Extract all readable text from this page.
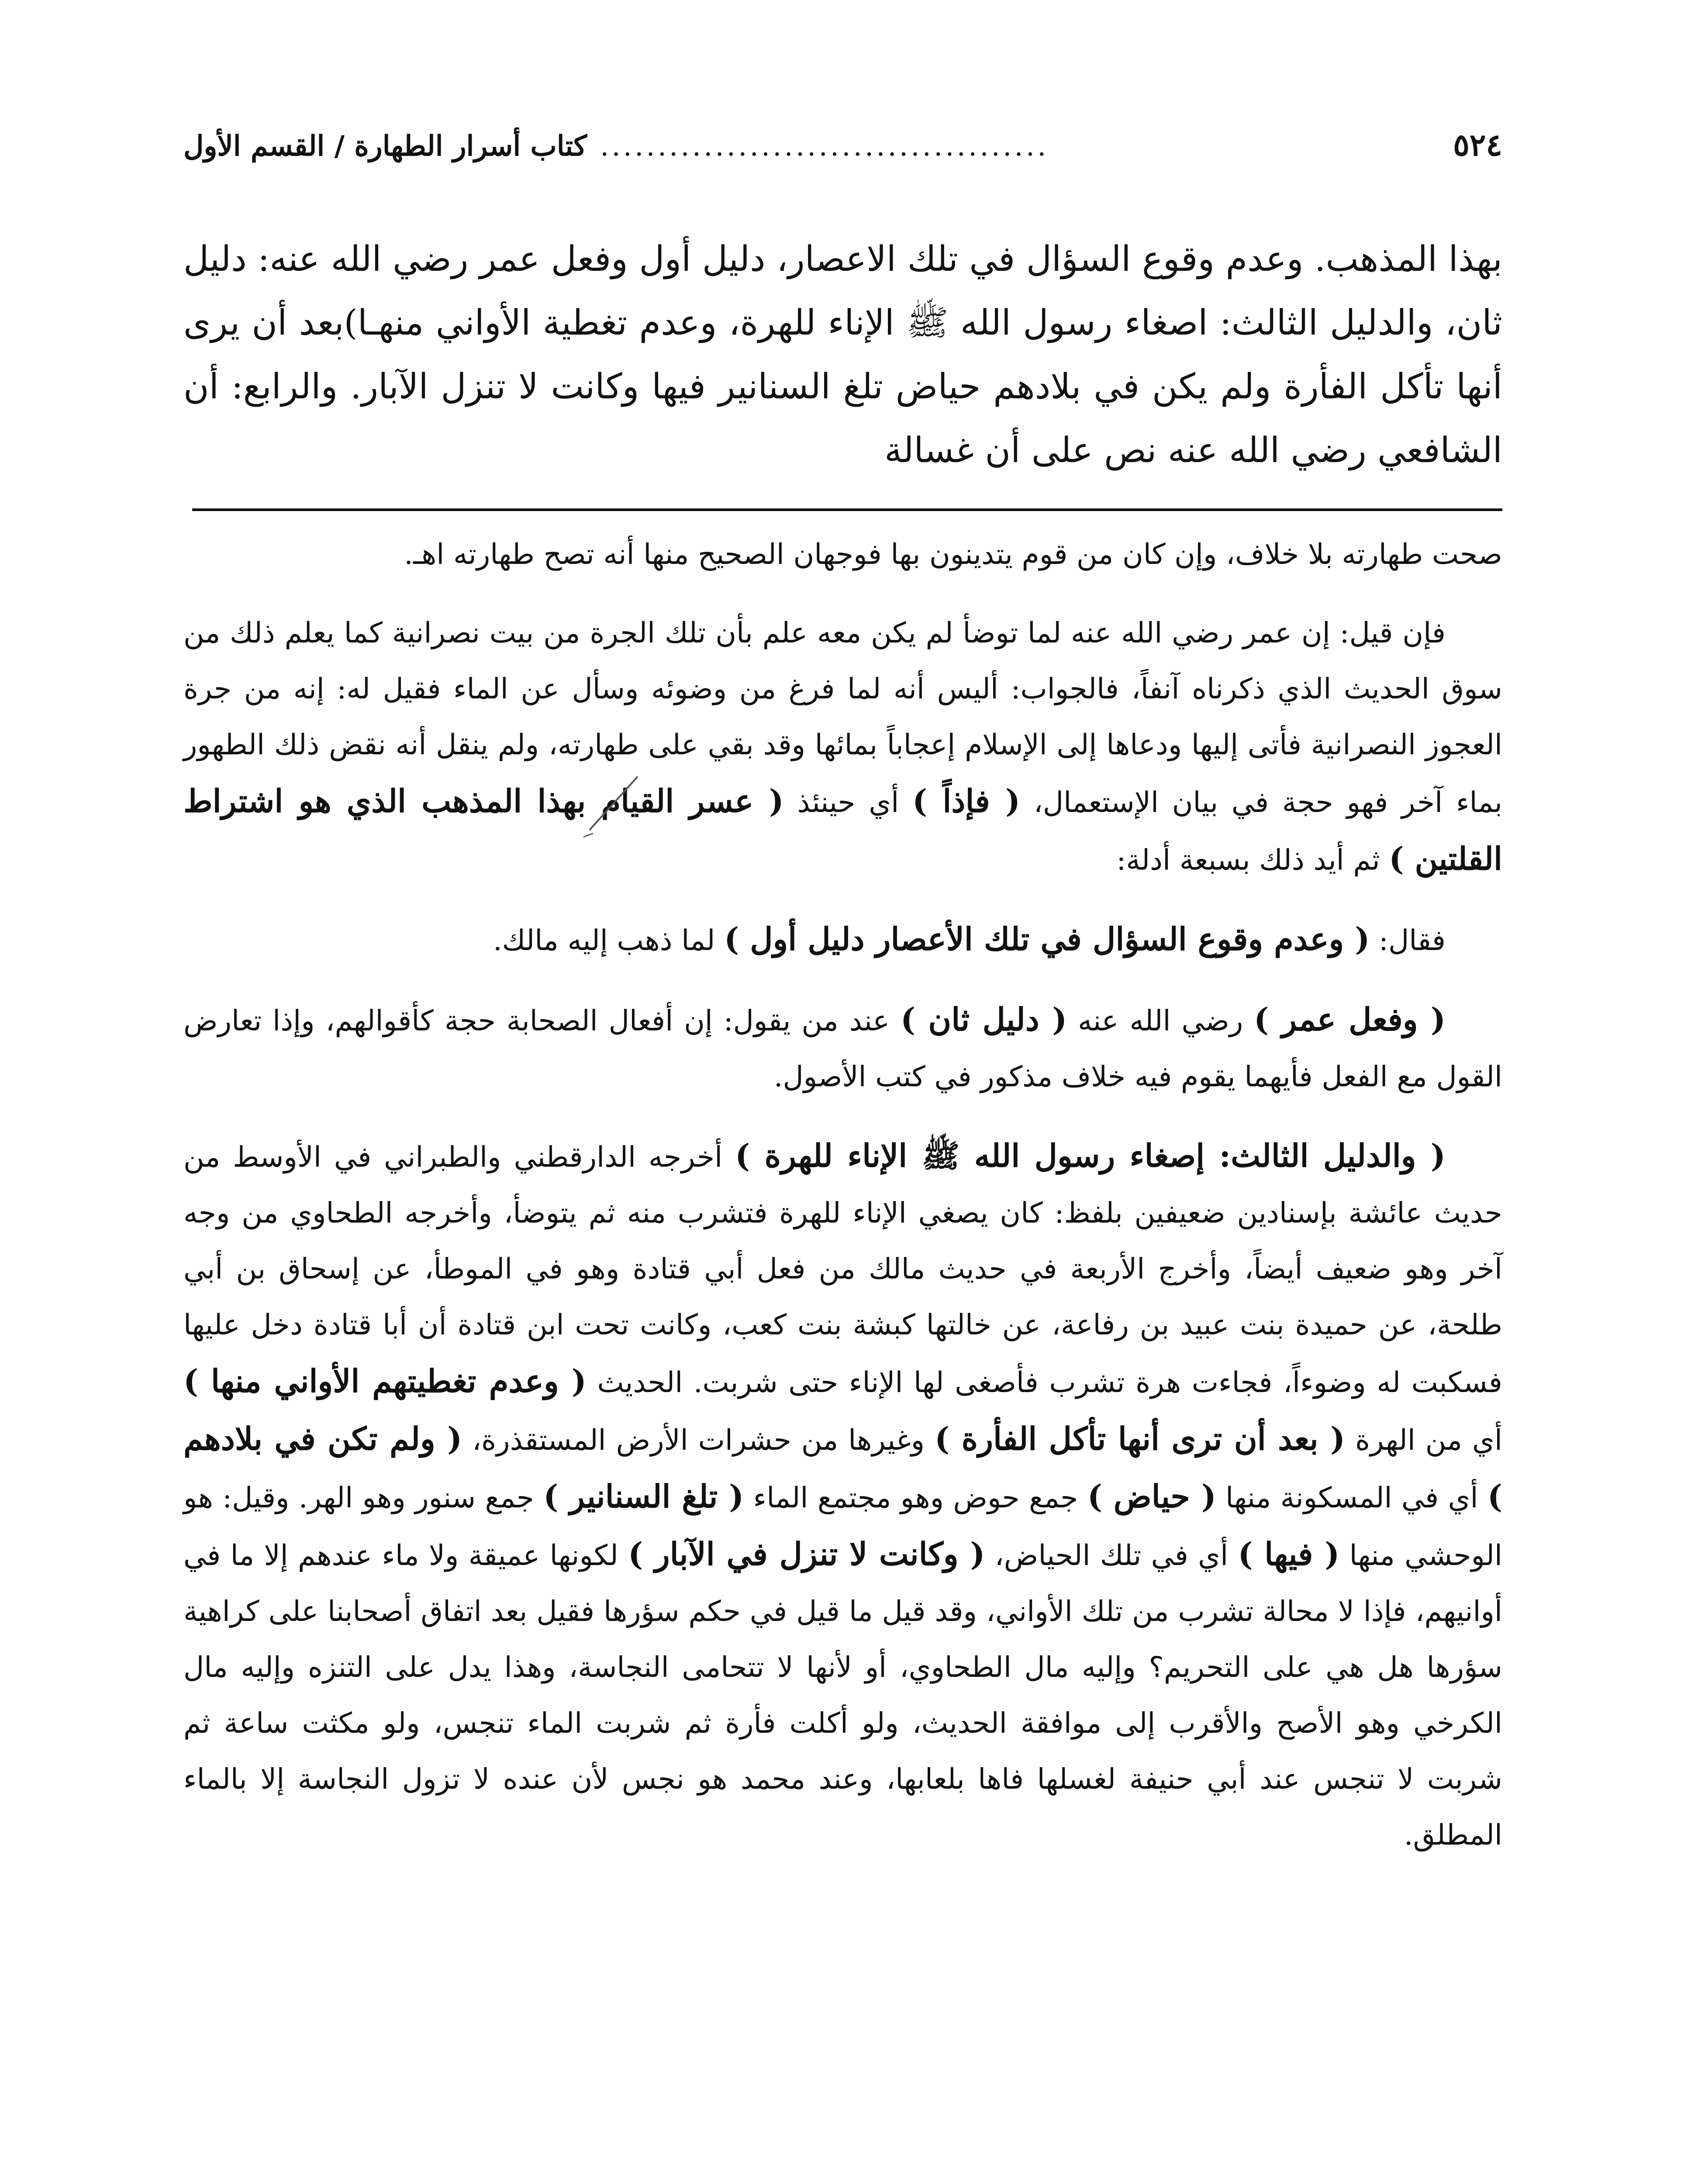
٥٢٤
.......................................
كتاب أسرار الطهارة / القسم الأول
بهذا المذهب. وعدم وقوع السؤال في تلك الاعصار، دليل أول وفعل عمر رضي الله عنه: دليل ثان، والدليل الثالث: اصغاء رسول الله ﷺ الإناء للهرة، وعدم تغطية الأواني منهـا)بعد أن يرى أنها تأكل الفأرة ولم يكن في بلادهم حياض تلغ السنانير فيها وكانت لا تنزل الآبار. والرابع: أن الشافعي رضي الله عنه نص على أن غسالة

صحت طهارته بلا خلاف، وإن كان من قوم يتدينون بها فوجهان الصحيح منها أنه تصح طهارته اهـ.

فإن قيل: إن عمر رضي الله عنه لما توضأ لم يكن معه علم بأن تلك الجرة من بيت نصرانية كما يعلم ذلك من سوق الحديث الذي ذكرناه آنفاً، فالجواب: أليس أنه لما فرغ من وضوئه وسأل عن الماء فقيل له: إنه من جرة العجوز النصرانية فأتى إليها ودعاها إلى الإسلام إعجاباً بمائها وقد بقي على طهارته، ولم ينقل أنه نقض ذلك الطهور بماء آخر فهو حجة في بيان الإستعمال، ( فإذاً ) أي حينئذ ( عسر القيام بهذا المذهب الذي هو اشتراط القلتين ) ثم أيد ذلك بسبعة أدلة:

فقال: ( وعدم وقوع السؤال في تلك الأعصار دليل أول ) لما ذهب إليه مالك.

( وفعل عمر ) رضي الله عنه ( دليل ثان ) عند من يقول: إن أفعال الصحابة حجة كأقوالهم، وإذا تعارض القول مع الفعل فأيهما يقوم فيه خلاف مذكور في كتب الأصول.

( والدليل الثالث: إصغاء رسول الله ﷺ الإناء للهرة ) أخرجه الدارقطني والطبراني في الأوسط من حديث عائشة بإسنادين ضعيفين بلفظ: كان يصغي الإناء للهرة فتشرب منه ثم يتوضأ، وأخرجه الطحاوي من وجه آخر وهو ضعيف أيضاً، وأخرج الأربعة في حديث مالك من فعل أبي قتادة وهو في الموطأ، عن إسحاق بن أبي طلحة، عن حميدة بنت عبيد بن رفاعة، عن خالتها كبشة بنت كعب، وكانت تحت ابن قتادة أن أبا قتادة دخل عليها فسكبت له وضوءاً، فجاءت هرة تشرب فأصغى لها الإناء حتى شربت. الحديث ( وعدم تغطيتهم الأواني منها ) أي من الهرة ( بعد أن ترى أنها تأكل الفأرة ) وغيرها من حشرات الأرض المستقذرة، ( ولم تكن في بلادهم ) أي في المسكونة منها ( حياض ) جمع حوض وهو مجتمع الماء ( تلغ السنانير ) جمع سنور وهو الهر. وقيل: هو الوحشي منها ( فيها ) أي في تلك الحياض، ( وكانت لا تنزل في الآبار ) لكونها عميقة ولا ماء عندهم إلا ما في أوانيهم، فإذا لا محالة تشرب من تلك الأواني، وقد قيل ما قيل في حكم سؤرها فقيل بعد اتفاق أصحابنا على كراهية سؤرها هل هي على التحريم؟ وإليه مال الطحاوي، أو لأنها لا تتحامى النجاسة، وهذا يدل على التنزه وإليه مال الكرخي وهو الأصح والأقرب إلى موافقة الحديث، ولو أكلت فأرة ثم شربت الماء تنجس، ولو مكثت ساعة ثم شربت لا تنجس عند أبي حنيفة لغسلها فاها بلعابها، وعند محمد هو نجس لأن عنده لا تزول النجاسة إلا بالماء المطلق.
